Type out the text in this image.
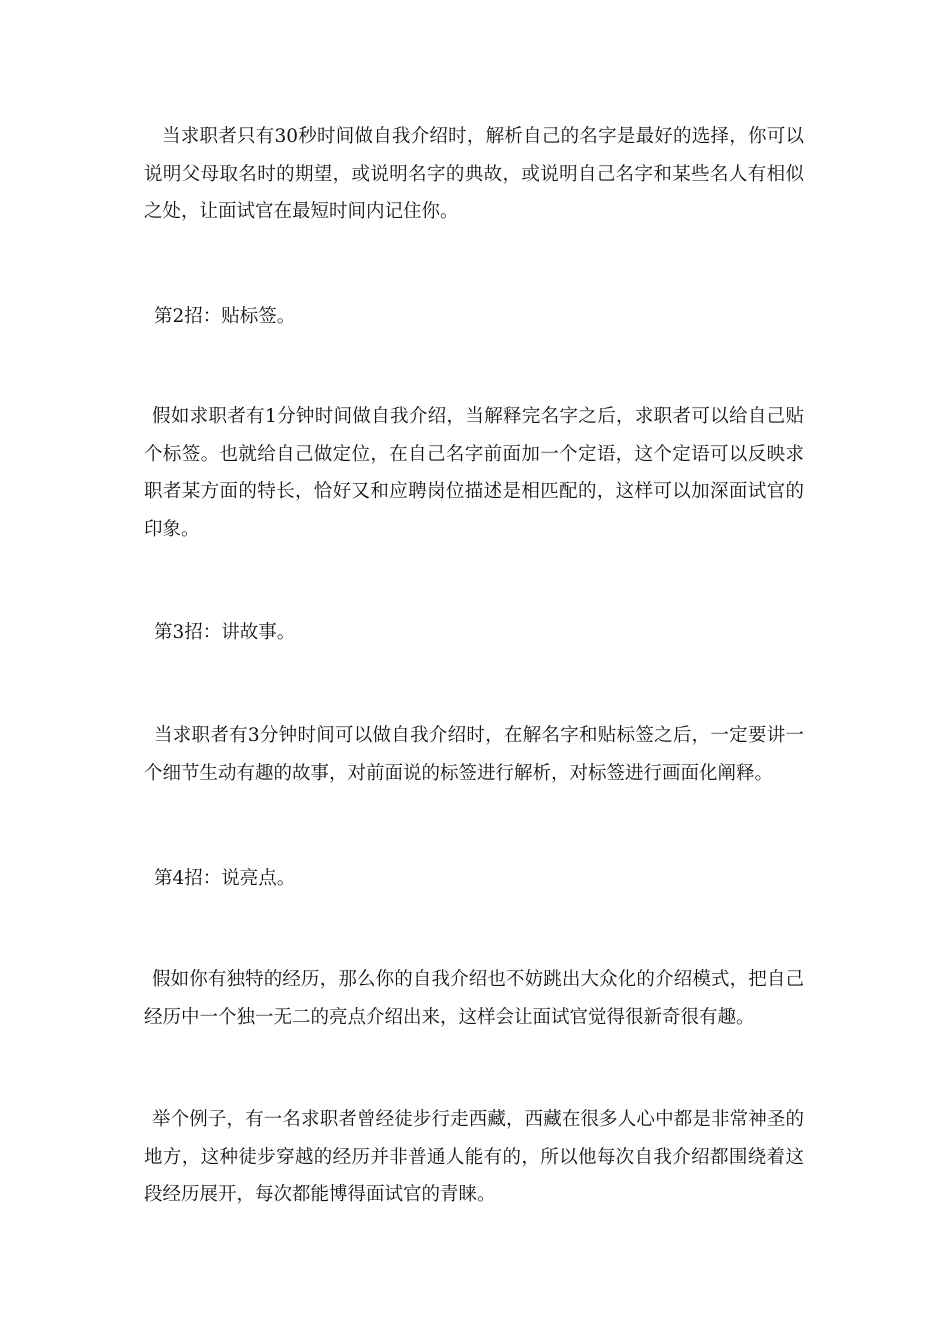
当求职者只有30秒时间做自我介绍时，解析自己的名字是最好的选择，你可以说明父母取名时的期望，或说明名字的典故，或说明自己名字和某些名人有相似之处，让面试官在最短时间内记住你。

第2招：贴标签。

假如求职者有1分钟时间做自我介绍，当解释完名字之后，求职者可以给自己贴个标签。也就给自己做定位，在自己名字前面加一个定语，这个定语可以反映求职者某方面的特长，恰好又和应聘岗位描述是相匹配的，这样可以加深面试官的印象。

第3招：讲故事。

当求职者有3分钟时间可以做自我介绍时，在解名字和贴标签之后，一定要讲一个细节生动有趣的故事，对前面说的标签进行解析，对标签进行画面化阐释。

第4招：说亮点。

假如你有独特的经历，那么你的自我介绍也不妨跳出大众化的介绍模式，把自己经历中一个独一无二的亮点介绍出来，这样会让面试官觉得很新奇很有趣。

举个例子，有一名求职者曾经徒步行走西藏，西藏在很多人心中都是非常神圣的地方，这种徒步穿越的经历并非普通人能有的，所以他每次自我介绍都围绕着这段经历展开，每次都能博得面试官的青睐。
